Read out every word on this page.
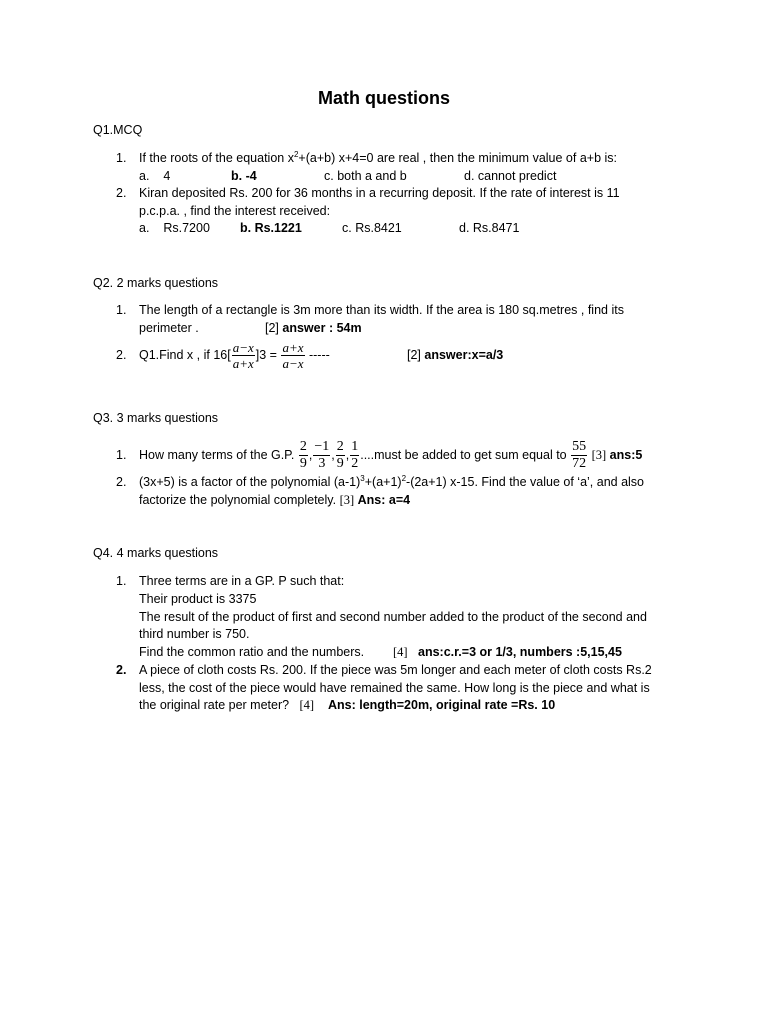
Math questions
Q1.MCQ
1. If the roots of the equation $x^2+(a+b)$ x+4=0 are real , then the minimum value of a+b is:
a. 4	b. -4	c. both a and b	d. cannot predict
2. Kiran deposited Rs. 200 for 36 months in a recurring deposit. If the rate of interest is 11
p.c.p.a. , find the interest received:
a. Rs.7200 b. Rs.1221	c. Rs.8421	d. Rs.8471
Q2. 2 marks questions
1. The length of a rectangle is 3m more than its width. If the area is 180 sq.metres , find its
perimeter .	[2] answer : 54m
2. Q1.Find x , if $16[ \frac{a-x}{a+x} ]3 = \frac{a+x}{a-x}$ -----	[2] answer:x=a/3
Q3. 3 marks questions
1. How many terms of the G.P. $\frac{2}{9}$ , $\frac{-1}{3}$ , $\frac{2}{9}$ , $\frac{1}{2}$ ....must be added to get sum equal to $\frac{55}{72} [3]$ ans:5
2. (3x+5) is a factor of the polynomial $(a-1)^3+(a+1)^2-(2a+1)$ x-15. Find the value of ‘a’, and also
factorize the polynomial completely. [3] Ans: a=4
Q4. 4 marks questions
1. Three terms are in a GP. P such that:
Their product is 3375
The result of the product of first and second number added to the product of the second and
third number is 750.
Find the common ratio and the numbers. [4] ans:c.r.=3 or 1/3, numbers :5,15,45
2. A piece of cloth costs Rs. 200. If the piece was 5m longer and each meter of cloth costs Rs.2
less, the cost of the piece would have remained the same. How long is the piece and what is
the original rate per meter? [4] Ans: length=20m, original rate =Rs. 10
